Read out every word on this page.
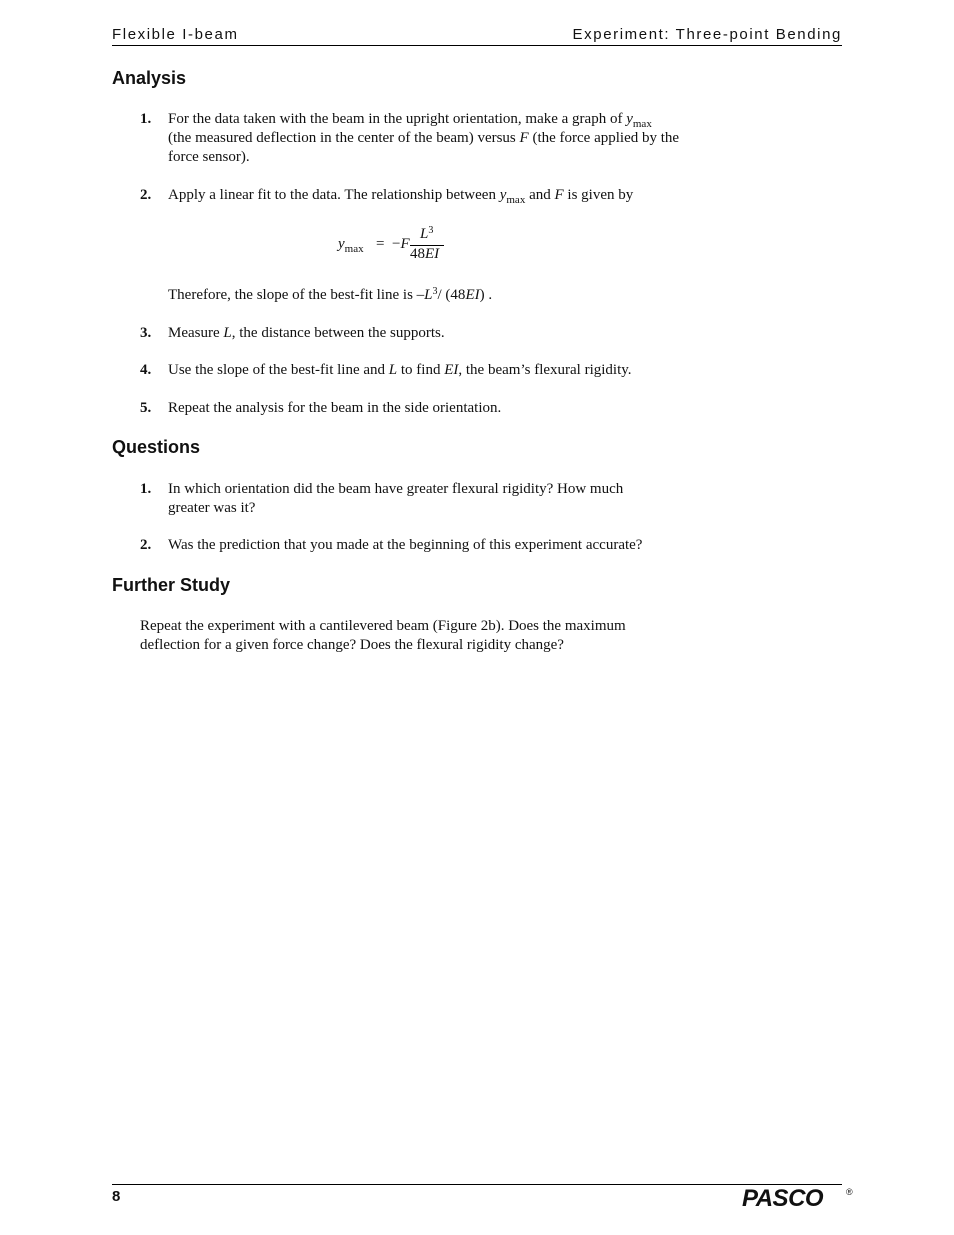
Flexible I-beam	Experiment: Three-point Bending
Analysis
1. For the data taken with the beam in the upright orientation, make a graph of $y_{max}$
(the measured deflection in the center of the beam) versus F (the force applied by the force sensor).
2. Apply a linear fit to the data. The relationship between $y_{max}$ and F is given by
$y_{max} = -F$
$L^3$
48EI
Therefore, the slope of the best-fit line is $-L^3/$ (48EI) .
3. Measure L, the distance between the supports.
4. Use the slope of the best-fit line and L to find EI, the beam’s flexural rigidity.
5. Repeat the analysis for the beam in the side orientation.
Questions
1. In which orientation did the beam have greater flexural rigidity? How much greater was it?
2. Was the prediction that you made at the beginning of this experiment accurate?
Further Study
Repeat the experiment with a cantilevered beam (Figure 2b). Does the maximum deflection for a given force change? Does the flexural rigidity change?
8	PASCO	®
